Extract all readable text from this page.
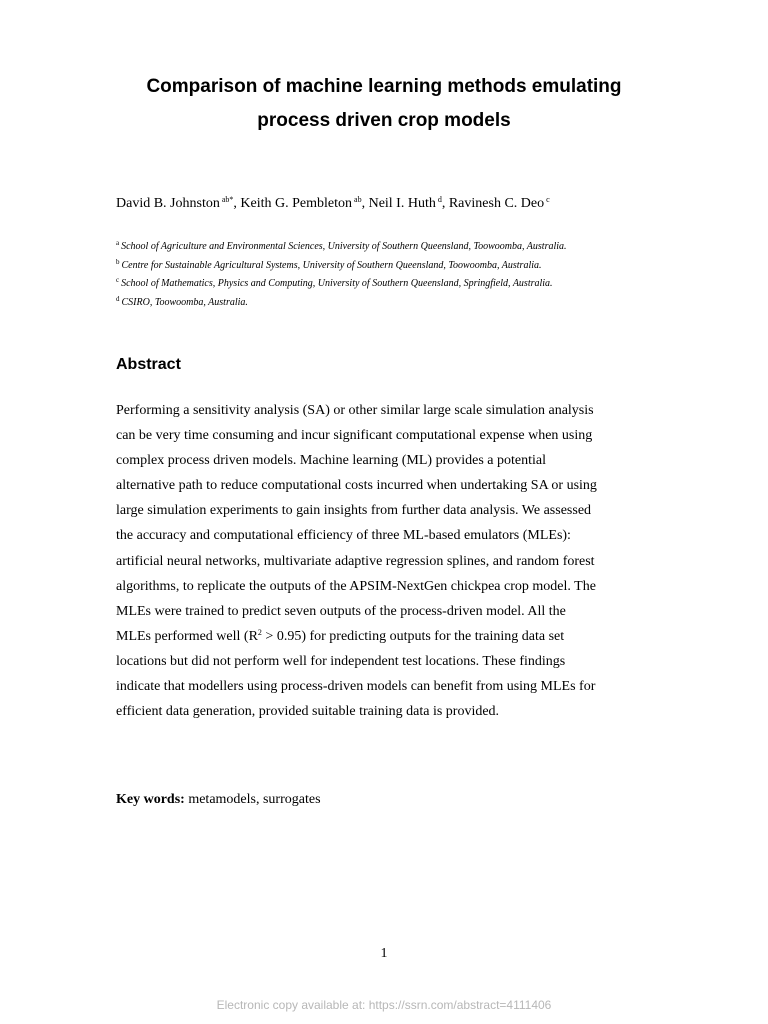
Comparison of machine learning methods emulating
process driven crop models
David B. Johnston $^{ab*}$, Keith G. Pembleton $^{ab}$, Neil I. Huth $^d$, Ravinesh C. Deo $^c$
$^a$ School of Agriculture and Environmental Sciences, University of Southern Queensland, Toowoomba, Australia.
$^b$ Centre for Sustainable Agricultural Systems, University of Southern Queensland, Toowoomba, Australia.
$^c$ School of Mathematics, Physics and Computing, University of Southern Queensland, Springfield, Australia.
$^d$ CSIRO, Toowoomba, Australia.
Abstract
Performing a sensitivity analysis (SA) or other similar large scale simulation analysis
can be very time consuming and incur significant computational expense when using
complex process driven models. Machine learning (ML) provides a potential
alternative path to reduce computational costs incurred when undertaking SA or using
large simulation experiments to gain insights from further data analysis. We assessed
the accuracy and computational efficiency of three ML-based emulators (MLEs):
artificial neural networks, multivariate adaptive regression splines, and random forest
algorithms, to replicate the outputs of the APSIM-NextGen chickpea crop model. The
MLEs were trained to predict seven outputs of the process-driven model. All the
MLEs performed well $(R^2 > 0.95)$ for predicting outputs for the training data set
locations but did not perform well for independent test locations. These findings
indicate that modellers using process-driven models can benefit from using MLEs for
efficient data generation, provided suitable training data is provided.
Key words: metamodels, surrogates
1
Electronic copy available at: https://ssrn.com/abstract=4111406
